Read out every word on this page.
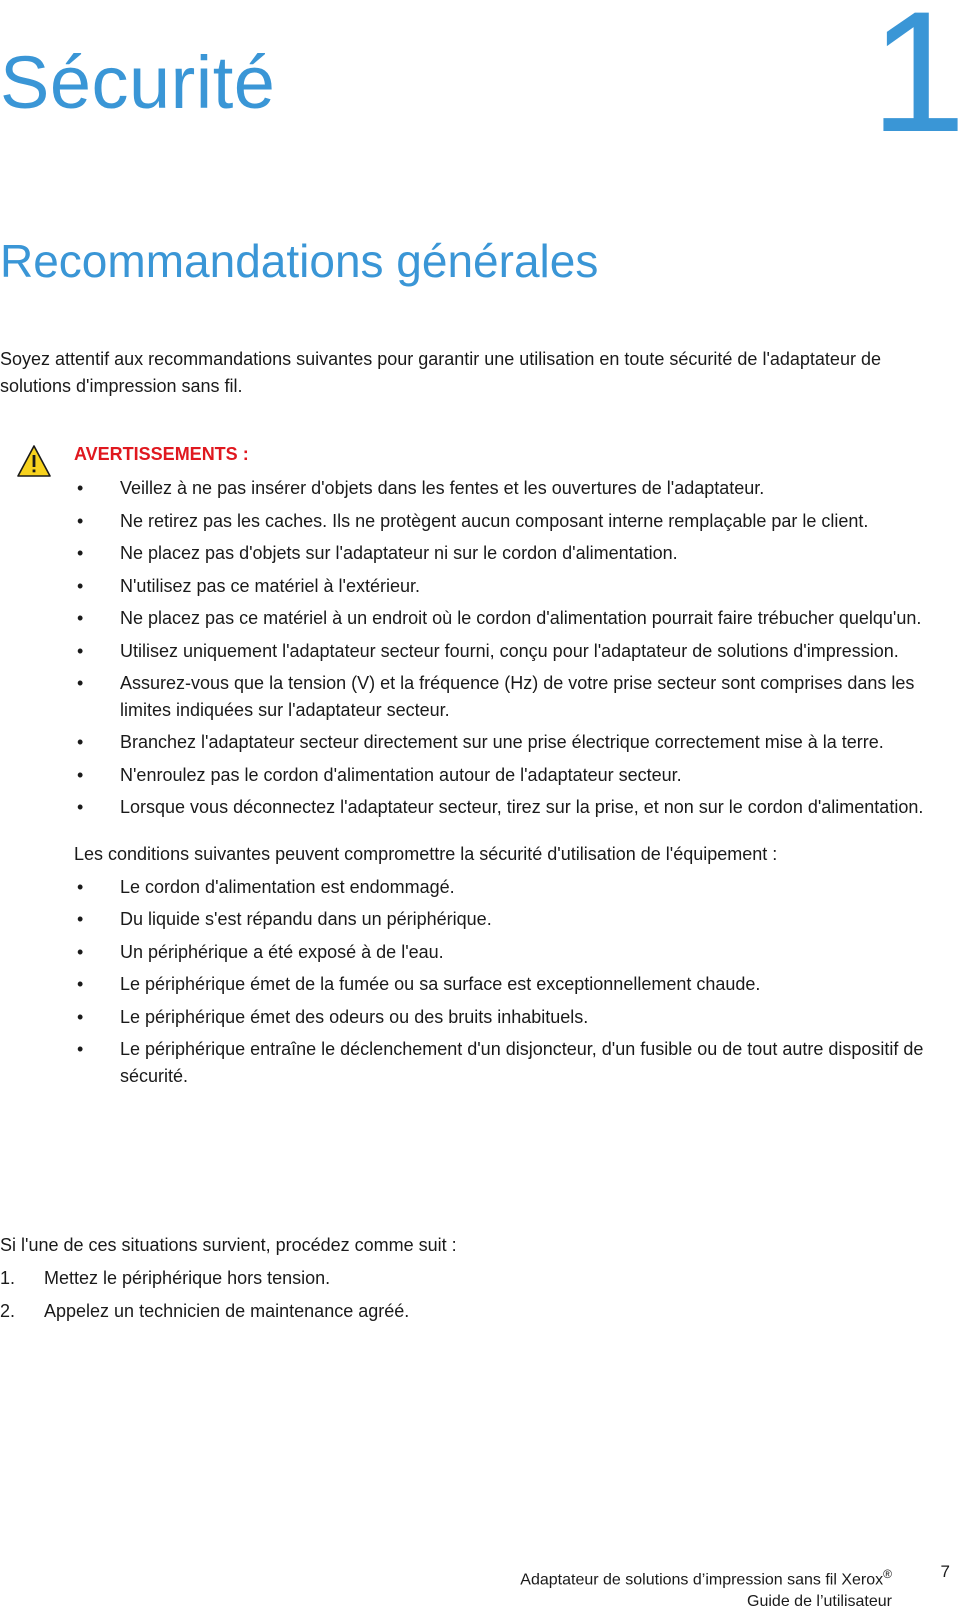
Sécurité	1
Recommandations générales

Soyez attentif aux recommandations suivantes pour garantir une utilisation en toute sécurité de l'adaptateur de solutions d'impression sans fil.

AVERTISSEMENTS :
• Veillez à ne pas insérer d'objets dans les fentes et les ouvertures de l'adaptateur.
• Ne retirez pas les caches. Ils ne protègent aucun composant interne remplaçable par le client.
• Ne placez pas d'objets sur l'adaptateur ni sur le cordon d'alimentation.
• N'utilisez pas ce matériel à l'extérieur.
• Ne placez pas ce matériel à un endroit où le cordon d'alimentation pourrait faire trébucher quelqu'un.
• Utilisez uniquement l'adaptateur secteur fourni, conçu pour l'adaptateur de solutions d'impression.
• Assurez-vous que la tension (V) et la fréquence (Hz) de votre prise secteur sont comprises dans les limites indiquées sur l'adaptateur secteur.
• Branchez l'adaptateur secteur directement sur une prise électrique correctement mise à la terre.
• N'enroulez pas le cordon d'alimentation autour de l'adaptateur secteur.
• Lorsque vous déconnectez l'adaptateur secteur, tirez sur la prise, et non sur le cordon d'alimentation.

Les conditions suivantes peuvent compromettre la sécurité d'utilisation de l'équipement :

• Le cordon d'alimentation est endommagé.
• Du liquide s'est répandu dans un périphérique.
• Un périphérique a été exposé à de l'eau.
• Le périphérique émet de la fumée ou sa surface est exceptionnellement chaude.
• Le périphérique émet des odeurs ou des bruits inhabituels.
• Le périphérique entraîne le déclenchement d'un disjoncteur, d'un fusible ou de tout autre dispositif de sécurité.

Si l'une de ces situations survient, procédez comme suit :

1. Mettez le périphérique hors tension.
2. Appelez un technicien de maintenance agréé.
Adaptateur de solutions d’impression sans fil Xerox®
Guide de l’utilisateur
7
